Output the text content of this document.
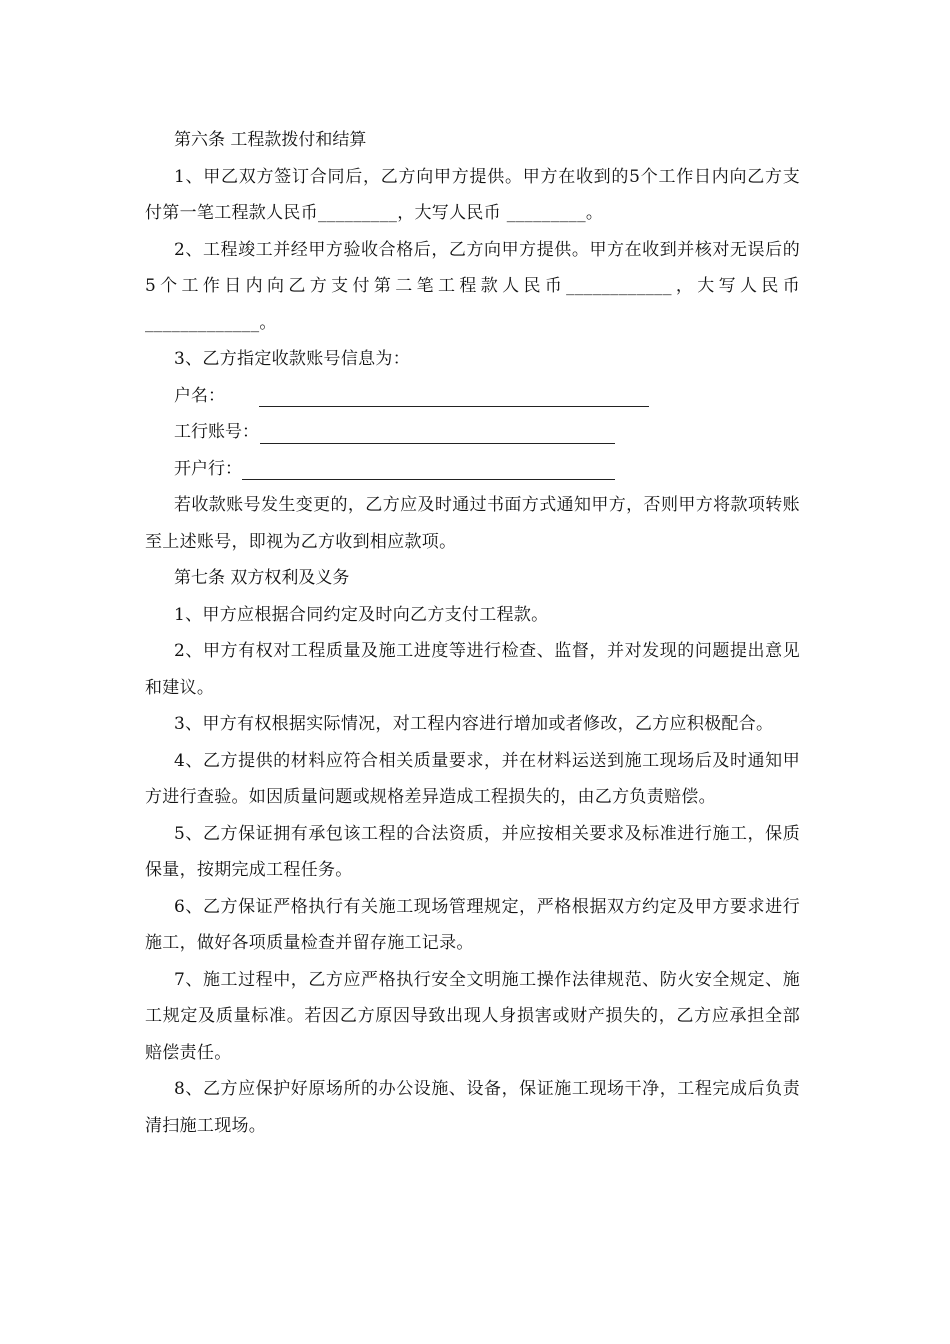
第六条 工程款拨付和结算

1、甲乙双方签订合同后，乙方向甲方提供。甲方在收到的5个工作日内向乙方支付第一笔工程款人民币_________，大写人民币 _________。

2、工程竣工并经甲方验收合格后，乙方向甲方提供。甲方在收到并核对无误后的5个工作日内向乙方支付第二笔工程款人民币____________，大写人民币_____________。

3、乙方指定收款账号信息为：

户名：
工行账号：
开户行：

若收款账号发生变更的，乙方应及时通过书面方式通知甲方，否则甲方将款项转账至上述账号，即视为乙方收到相应款项。

第七条 双方权利及义务

1、甲方应根据合同约定及时向乙方支付工程款。

2、甲方有权对工程质量及施工进度等进行检查、监督，并对发现的问题提出意见和建议。

3、甲方有权根据实际情况，对工程内容进行增加或者修改，乙方应积极配合。

4、乙方提供的材料应符合相关质量要求，并在材料运送到施工现场后及时通知甲方进行查验。如因质量问题或规格差异造成工程损失的，由乙方负责赔偿。

5、乙方保证拥有承包该工程的合法资质，并应按相关要求及标准进行施工，保质保量，按期完成工程任务。

6、乙方保证严格执行有关施工现场管理规定，严格根据双方约定及甲方要求进行施工，做好各项质量检查并留存施工记录。

7、施工过程中，乙方应严格执行安全文明施工操作法律规范、防火安全规定、施工规定及质量标准。若因乙方原因导致出现人身损害或财产损失的，乙方应承担全部赔偿责任。

8、乙方应保护好原场所的办公设施、设备，保证施工现场干净，工程完成后负责清扫施工现场。
